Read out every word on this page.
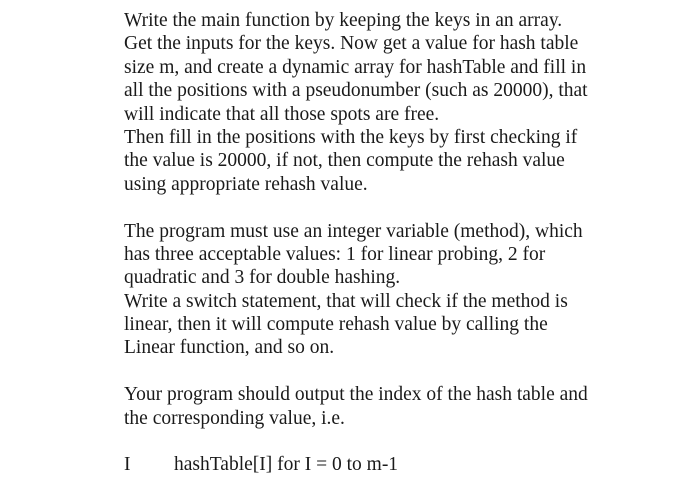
Write the main function by keeping the keys in an array.
Get the inputs for the keys. Now get a value for hash table
size m, and create a dynamic array for hashTable and fill in
all the positions with a pseudonumber (such as 20000), that
will indicate that all those spots are free.
Then fill in the positions with the keys by first checking if
the value is 20000, if not, then compute the rehash value
using appropriate rehash value.
The program must use an integer variable (method), which
has three acceptable values: 1 for linear probing, 2 for
quadratic and 3 for double hashing.
Write a switch statement, that will check if the method is
linear, then it will compute rehash value by calling the
Linear function, and so on.
Your program should output the index of the hash table and
the corresponding value, i.e.
I hashTable[I] for I = 0 to m-1
